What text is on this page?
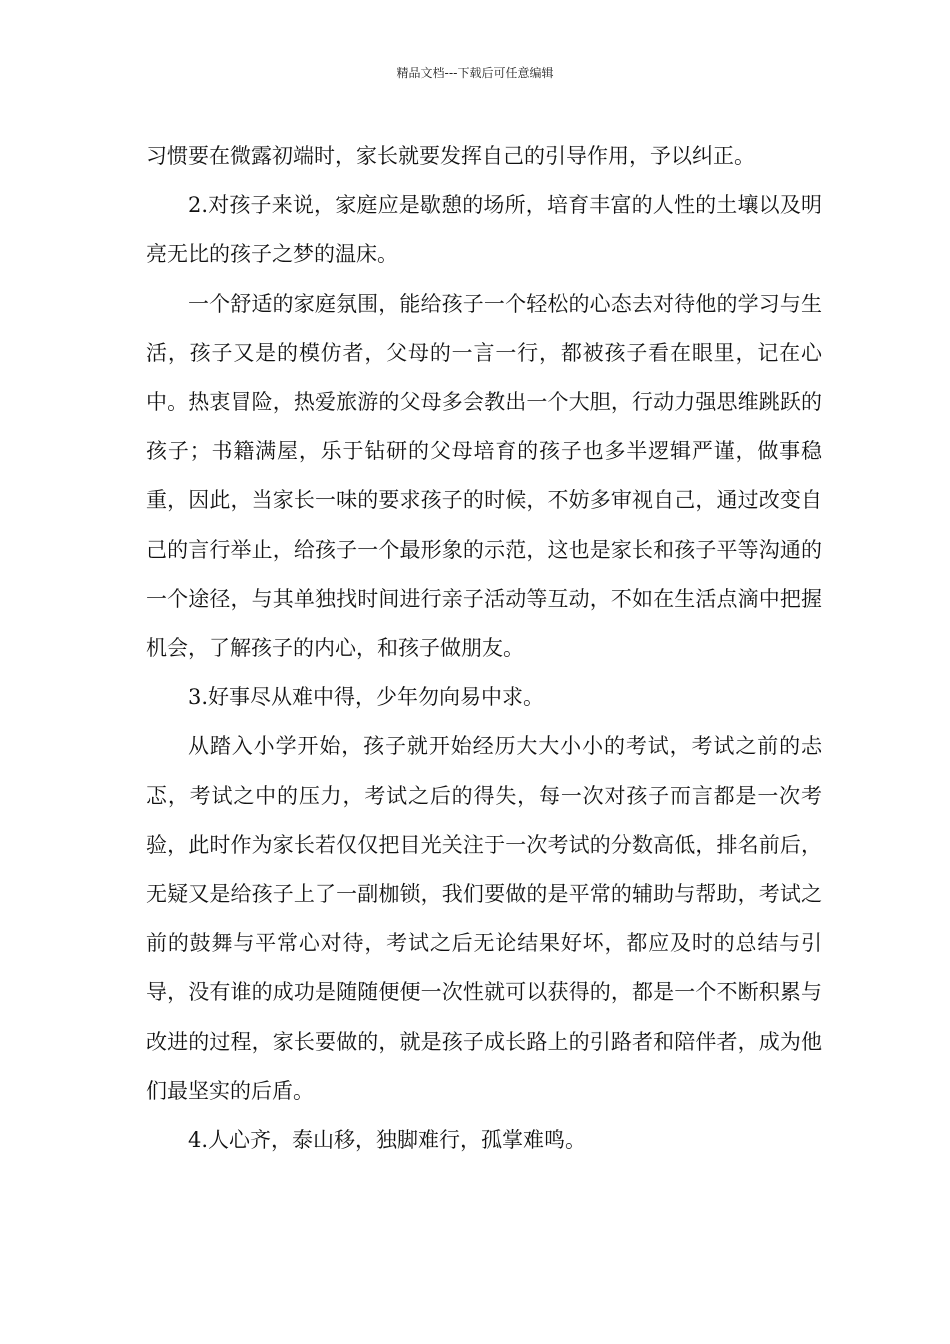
精品文档---下载后可任意编辑

习惯要在微露初端时，家长就要发挥自己的引导作用，予以纠正。

2.对孩子来说，家庭应是歇憩的场所，培育丰富的人性的土壤以及明亮无比的孩子之梦的温床。

一个舒适的家庭氛围，能给孩子一个轻松的心态去对待他的学习与生活，孩子又是的模仿者，父母的一言一行，都被孩子看在眼里，记在心中。热衷冒险，热爱旅游的父母多会教出一个大胆，行动力强思维跳跃的孩子；书籍满屋，乐于钻研的父母培育的孩子也多半逻辑严谨，做事稳重，因此，当家长一味的要求孩子的时候，不妨多审视自己，通过改变自己的言行举止，给孩子一个最形象的示范，这也是家长和孩子平等沟通的一个途径，与其单独找时间进行亲子活动等互动，不如在生活点滴中把握机会，了解孩子的内心，和孩子做朋友。

3.好事尽从难中得，少年勿向易中求。

从踏入小学开始，孩子就开始经历大大小小的考试，考试之前的忐忑，考试之中的压力，考试之后的得失，每一次对孩子而言都是一次考验，此时作为家长若仅仅把目光关注于一次考试的分数高低，排名前后，无疑又是给孩子上了一副枷锁，我们要做的是平常的辅助与帮助，考试之前的鼓舞与平常心对待，考试之后无论结果好坏，都应及时的总结与引导，没有谁的成功是随随便便一次性就可以获得的，都是一个不断积累与改进的过程，家长要做的，就是孩子成长路上的引路者和陪伴者，成为他们最坚实的后盾。

4.人心齐，泰山移，独脚难行，孤掌难鸣。
